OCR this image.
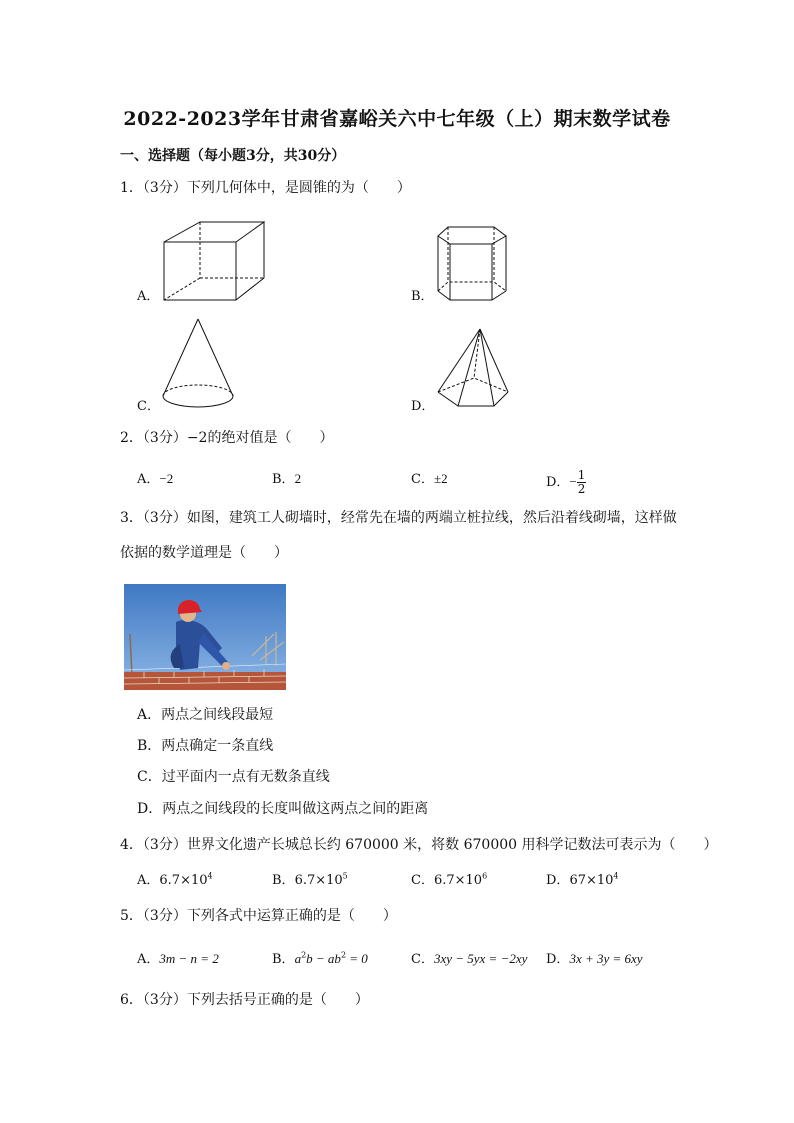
2022-2023学年甘肃省嘉峪关六中七年级（上）期末数学试卷
一、选择题（每小题3分，共30分）
1．（3分）下列几何体中，是圆锥的为（　　）
A．	B．
C．	D．
2．（3分）−2的绝对值是（　　）
A．−2	B．2	C．±2	D．− $\frac{1}{2}$
3．（3分）如图，建筑工人砌墙时，经常先在墙的两端立桩拉线，然后沿着线砌墙，这样做
依据的数学道理是（　　）
A．两点之间线段最短
B．两点确定一条直线
C．过平面内一点有无数条直线
D．两点之间线段的长度叫做这两点之间的距离
4．（3分）世界文化遗产长城总长约 670000 米，将数 670000 用科学记数法可表示为（　　）
A．$6.7\times 10^4$	B．$6.7\times 10^5$	C．$6.7\times 10^6$	D．$67\times 10^4$
5．（3分）下列各式中运算正确的是（　　）
A．3m − n = 2	B．$a^2b - ab^2 = 0$	C．3xy − 5yx = −2xy D．3x + 3y = 6xy
6．（3分）下列去括号正确的是（　　）
